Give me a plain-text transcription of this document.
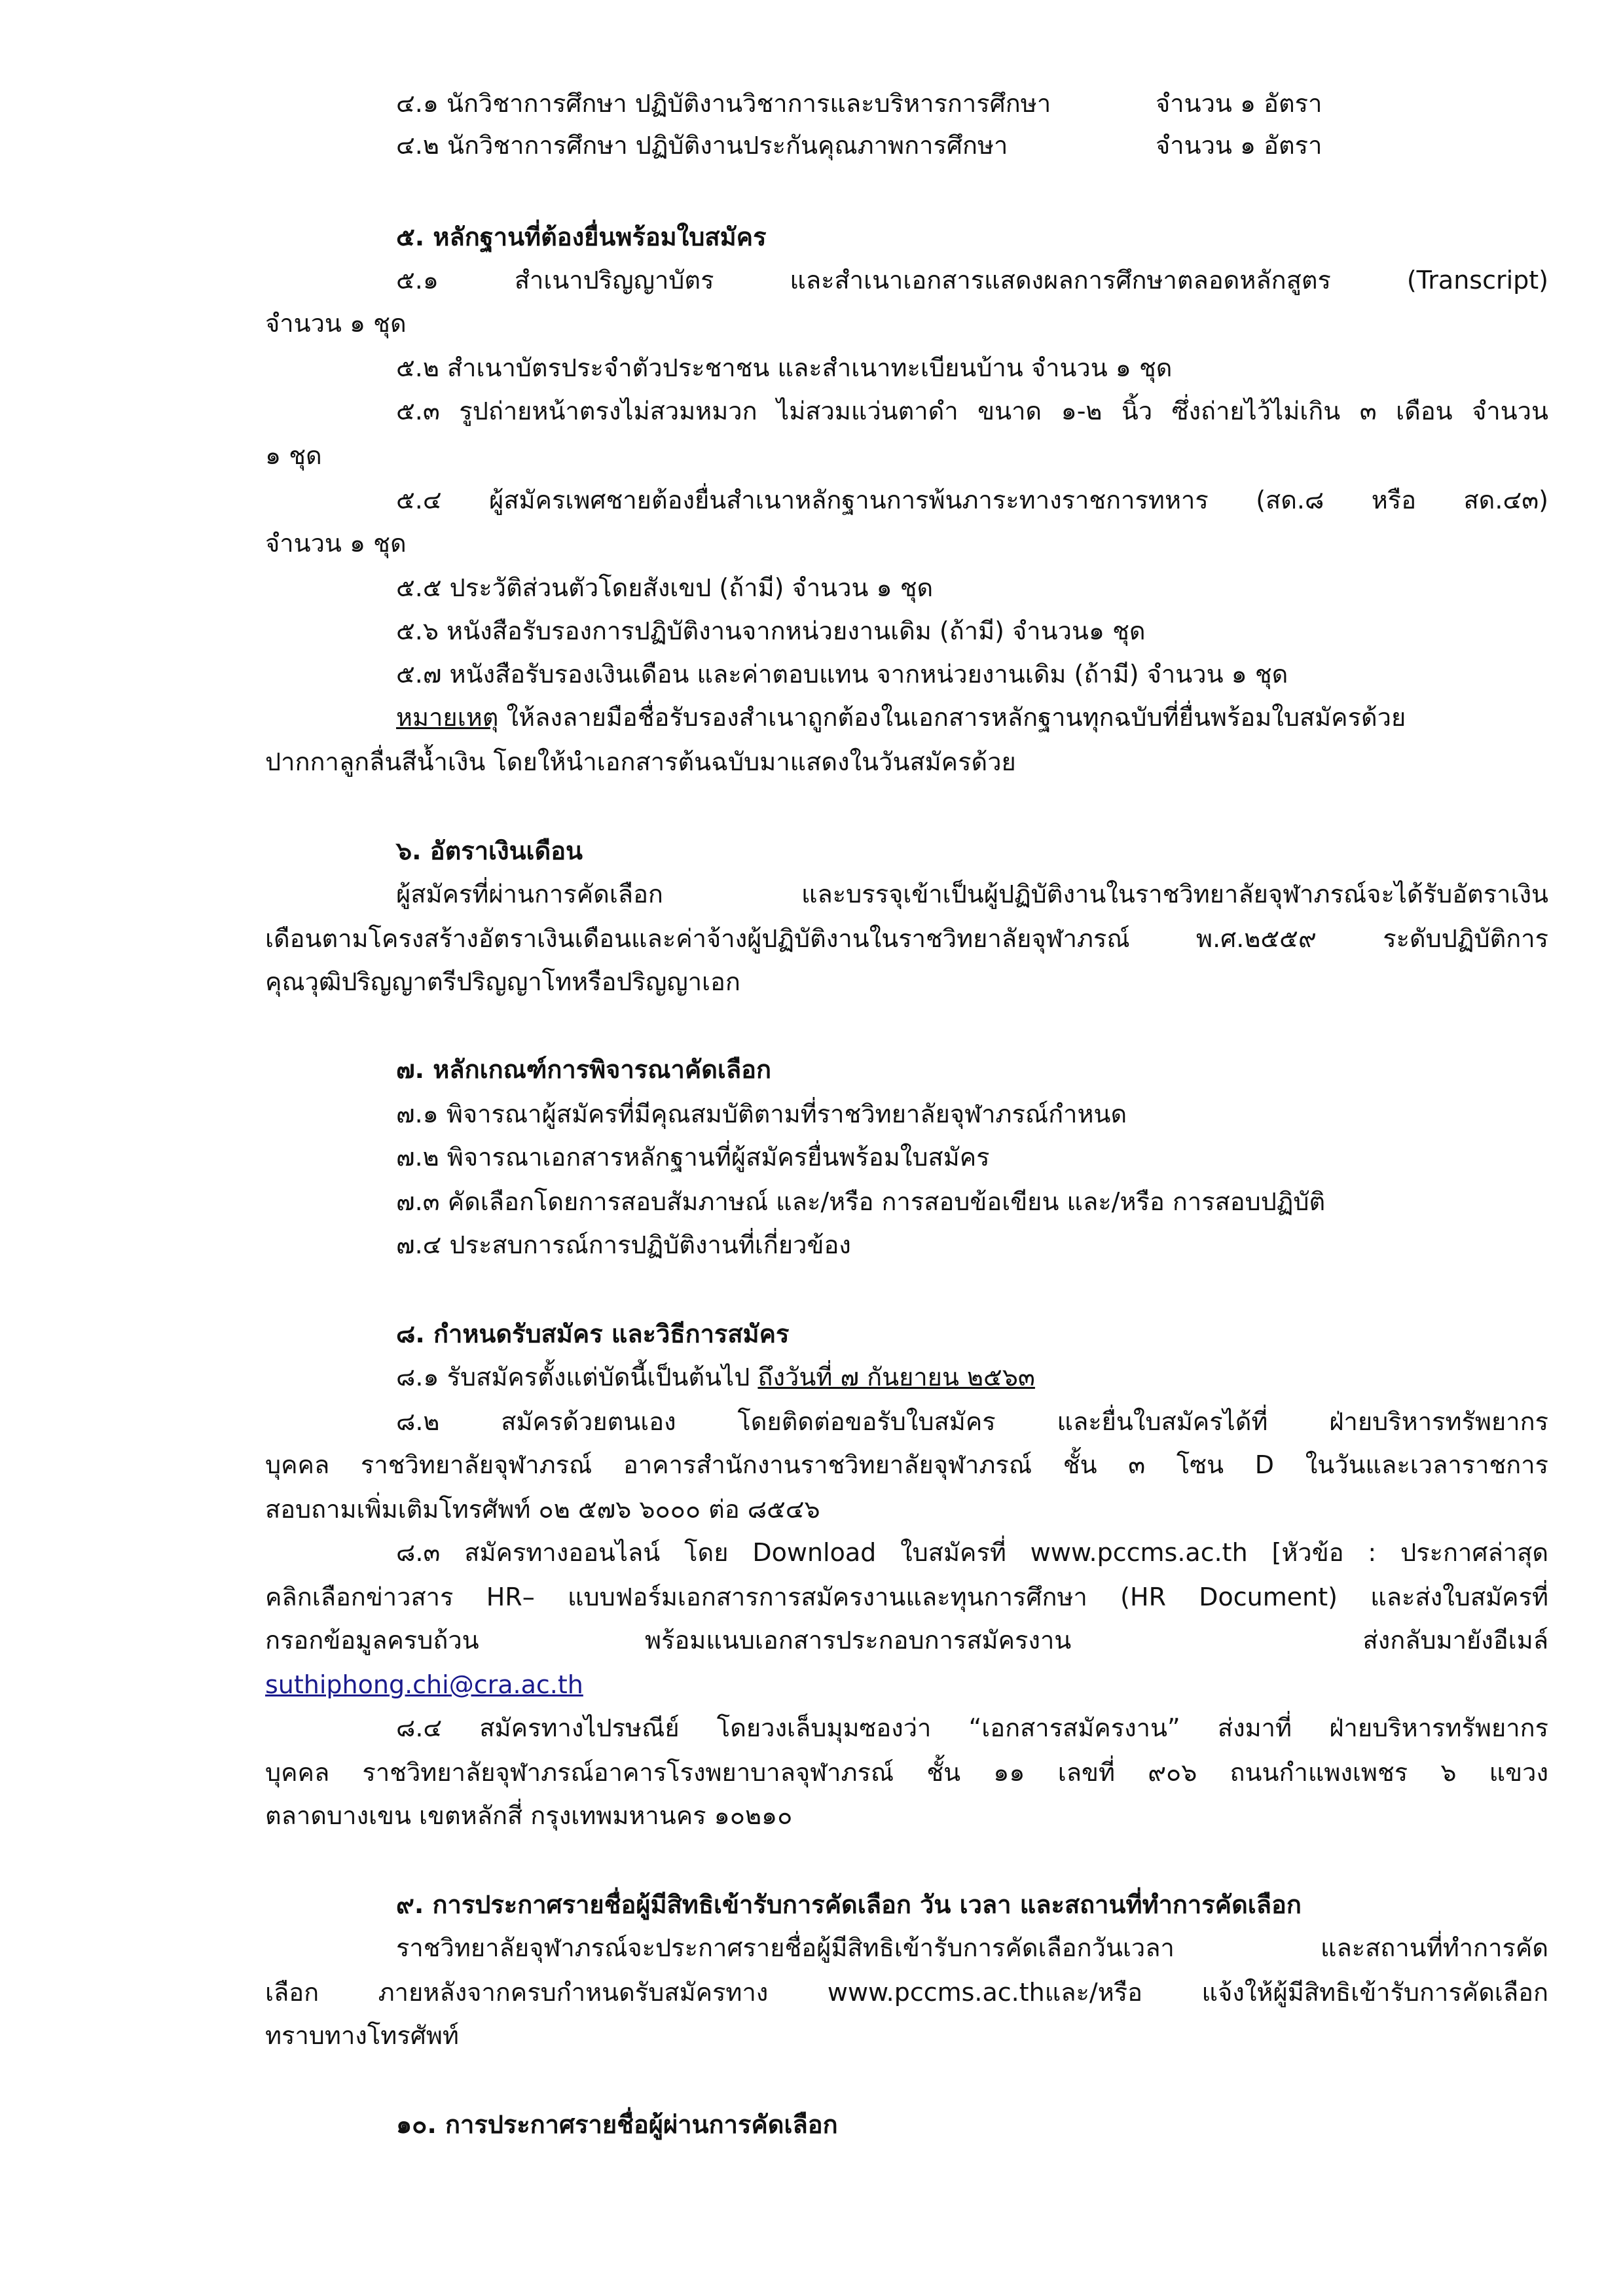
๔.๑ นักวิชาการศึกษา ปฏิบัติงานวิชาการและบริหารการศึกษา	จำนวน ๑ อัตรา
๔.๒ นักวิชาการศึกษา ปฏิบัติงานประกันคุณภาพการศึกษา	จำนวน ๑ อัตรา
๕. หลักฐานที่ต้องยื่นพร้อมใบสมัคร
๕.๑ สำเนาปริญญาบัตร และสำเนาเอกสารแสดงผลการศึกษาตลอดหลักสูตร (Transcript)
จำนวน ๑ ชุด
๕.๒ สำเนาบัตรประจำตัวประชาชน และสำเนาทะเบียนบ้าน จำนวน ๑ ชุด
๕.๓ รูปถ่ายหน้าตรงไม่สวมหมวก ไม่สวมแว่นตาดำ ขนาด ๑-๒ นิ้ว ซึ่งถ่ายไว้ไม่เกิน ๓ เดือน จำนวน
๑ ชุด
๕.๔ ผู้สมัครเพศชายต้องยื่นสำเนาหลักฐานการพ้นภาระทางราชการทหาร (สด.๘ หรือ สด.๔๓)
จำนวน ๑ ชุด
๕.๕ ประวัติส่วนตัวโดยสังเขป (ถ้ามี) จำนวน ๑ ชุด
๕.๖ หนังสือรับรองการปฏิบัติงานจากหน่วยงานเดิม (ถ้ามี) จำนวน๑ ชุด
๕.๗ หนังสือรับรองเงินเดือน และค่าตอบแทน จากหน่วยงานเดิม (ถ้ามี) จำนวน ๑ ชุด
หมายเหตุ ให้ลงลายมือชื่อรับรองสำเนาถูกต้องในเอกสารหลักฐานทุกฉบับที่ยื่นพร้อมใบสมัครด้วย
ปากกาลูกลื่นสีน้ำเงิน โดยให้นำเอกสารต้นฉบับมาแสดงในวันสมัครด้วย
๖. อัตราเงินเดือน
ผู้สมัครที่ผ่านการคัดเลือก และบรรจุเข้าเป็นผู้ปฏิบัติงานในราชวิทยาลัยจุฬาภรณ์จะได้รับอัตราเงิน
เดือนตามโครงสร้างอัตราเงินเดือนและค่าจ้างผู้ปฏิบัติงานในราชวิทยาลัยจุฬาภรณ์ พ.ศ.๒๕๕๙ ระดับปฏิบัติการ
คุณวุฒิปริญญาตรีปริญญาโทหรือปริญญาเอก
๗. หลักเกณฑ์การพิจารณาคัดเลือก
๗.๑ พิจารณาผู้สมัครที่มีคุณสมบัติตามที่ราชวิทยาลัยจุฬาภรณ์กำหนด
๗.๒ พิจารณาเอกสารหลักฐานที่ผู้สมัครยื่นพร้อมใบสมัคร
๗.๓ คัดเลือกโดยการสอบสัมภาษณ์ และ/หรือ การสอบข้อเขียน และ/หรือ การสอบปฏิบัติ
๗.๔ ประสบการณ์การปฏิบัติงานที่เกี่ยวข้อง
๘. กำหนดรับสมัคร และวิธีการสมัคร
๘.๑ รับสมัครตั้งแต่บัดนี้เป็นต้นไป ถึงวันที่ ๗ กันยายน ๒๕๖๓
๘.๒ สมัครด้วยตนเอง โดยติดต่อขอรับใบสมัคร และยื่นใบสมัครได้ที่ ฝ่ายบริหารทรัพยากร
บุคคล ราชวิทยาลัยจุฬาภรณ์ อาคารสำนักงานราชวิทยาลัยจุฬาภรณ์ ชั้น ๓ โซน D ในวันและเวลาราชการ
สอบถามเพิ่มเติมโทรศัพท์ ๐๒ ๕๗๖ ๖๐๐๐ ต่อ ๘๕๔๖
๘.๓ สมัครทางออนไลน์ โดย Download ใบสมัครที่ www.pccms.ac.th [หัวข้อ : ประกาศล่าสุด
คลิกเลือกข่าวสาร HR– แบบฟอร์มเอกสารการสมัครงานและทุนการศึกษา (HR Document) และส่งใบสมัครที่
กรอกข้อมูลครบถ้วน	พร้อมแนบเอกสารประกอบการสมัครงาน	ส่งกลับมายังอีเมล์
suthiphong.chi@cra.ac.th
๘.๔ สมัครทางไปรษณีย์ โดยวงเล็บมุมซองว่า “เอกสารสมัครงาน” ส่งมาที่ ฝ่ายบริหารทรัพยากร
บุคคล ราชวิทยาลัยจุฬาภรณ์อาคารโรงพยาบาลจุฬาภรณ์ ชั้น ๑๑ เลขที่ ๙๐๖ ถนนกำแพงเพชร ๖ แขวง
ตลาดบางเขน เขตหลักสี่ กรุงเทพมหานคร ๑๐๒๑๐
๙. การประกาศรายชื่อผู้มีสิทธิเข้ารับการคัดเลือก วัน เวลา และสถานที่ทำการคัดเลือก
ราชวิทยาลัยจุฬาภรณ์จะประกาศรายชื่อผู้มีสิทธิเข้ารับการคัดเลือกวันเวลา และสถานที่ทำการคัด
เลือก ภายหลังจากครบกำหนดรับสมัครทาง www.pccms.ac.thและ/หรือ แจ้งให้ผู้มีสิทธิเข้ารับการคัดเลือก
ทราบทางโทรศัพท์
๑๐. การประกาศรายชื่อผู้ผ่านการคัดเลือก
